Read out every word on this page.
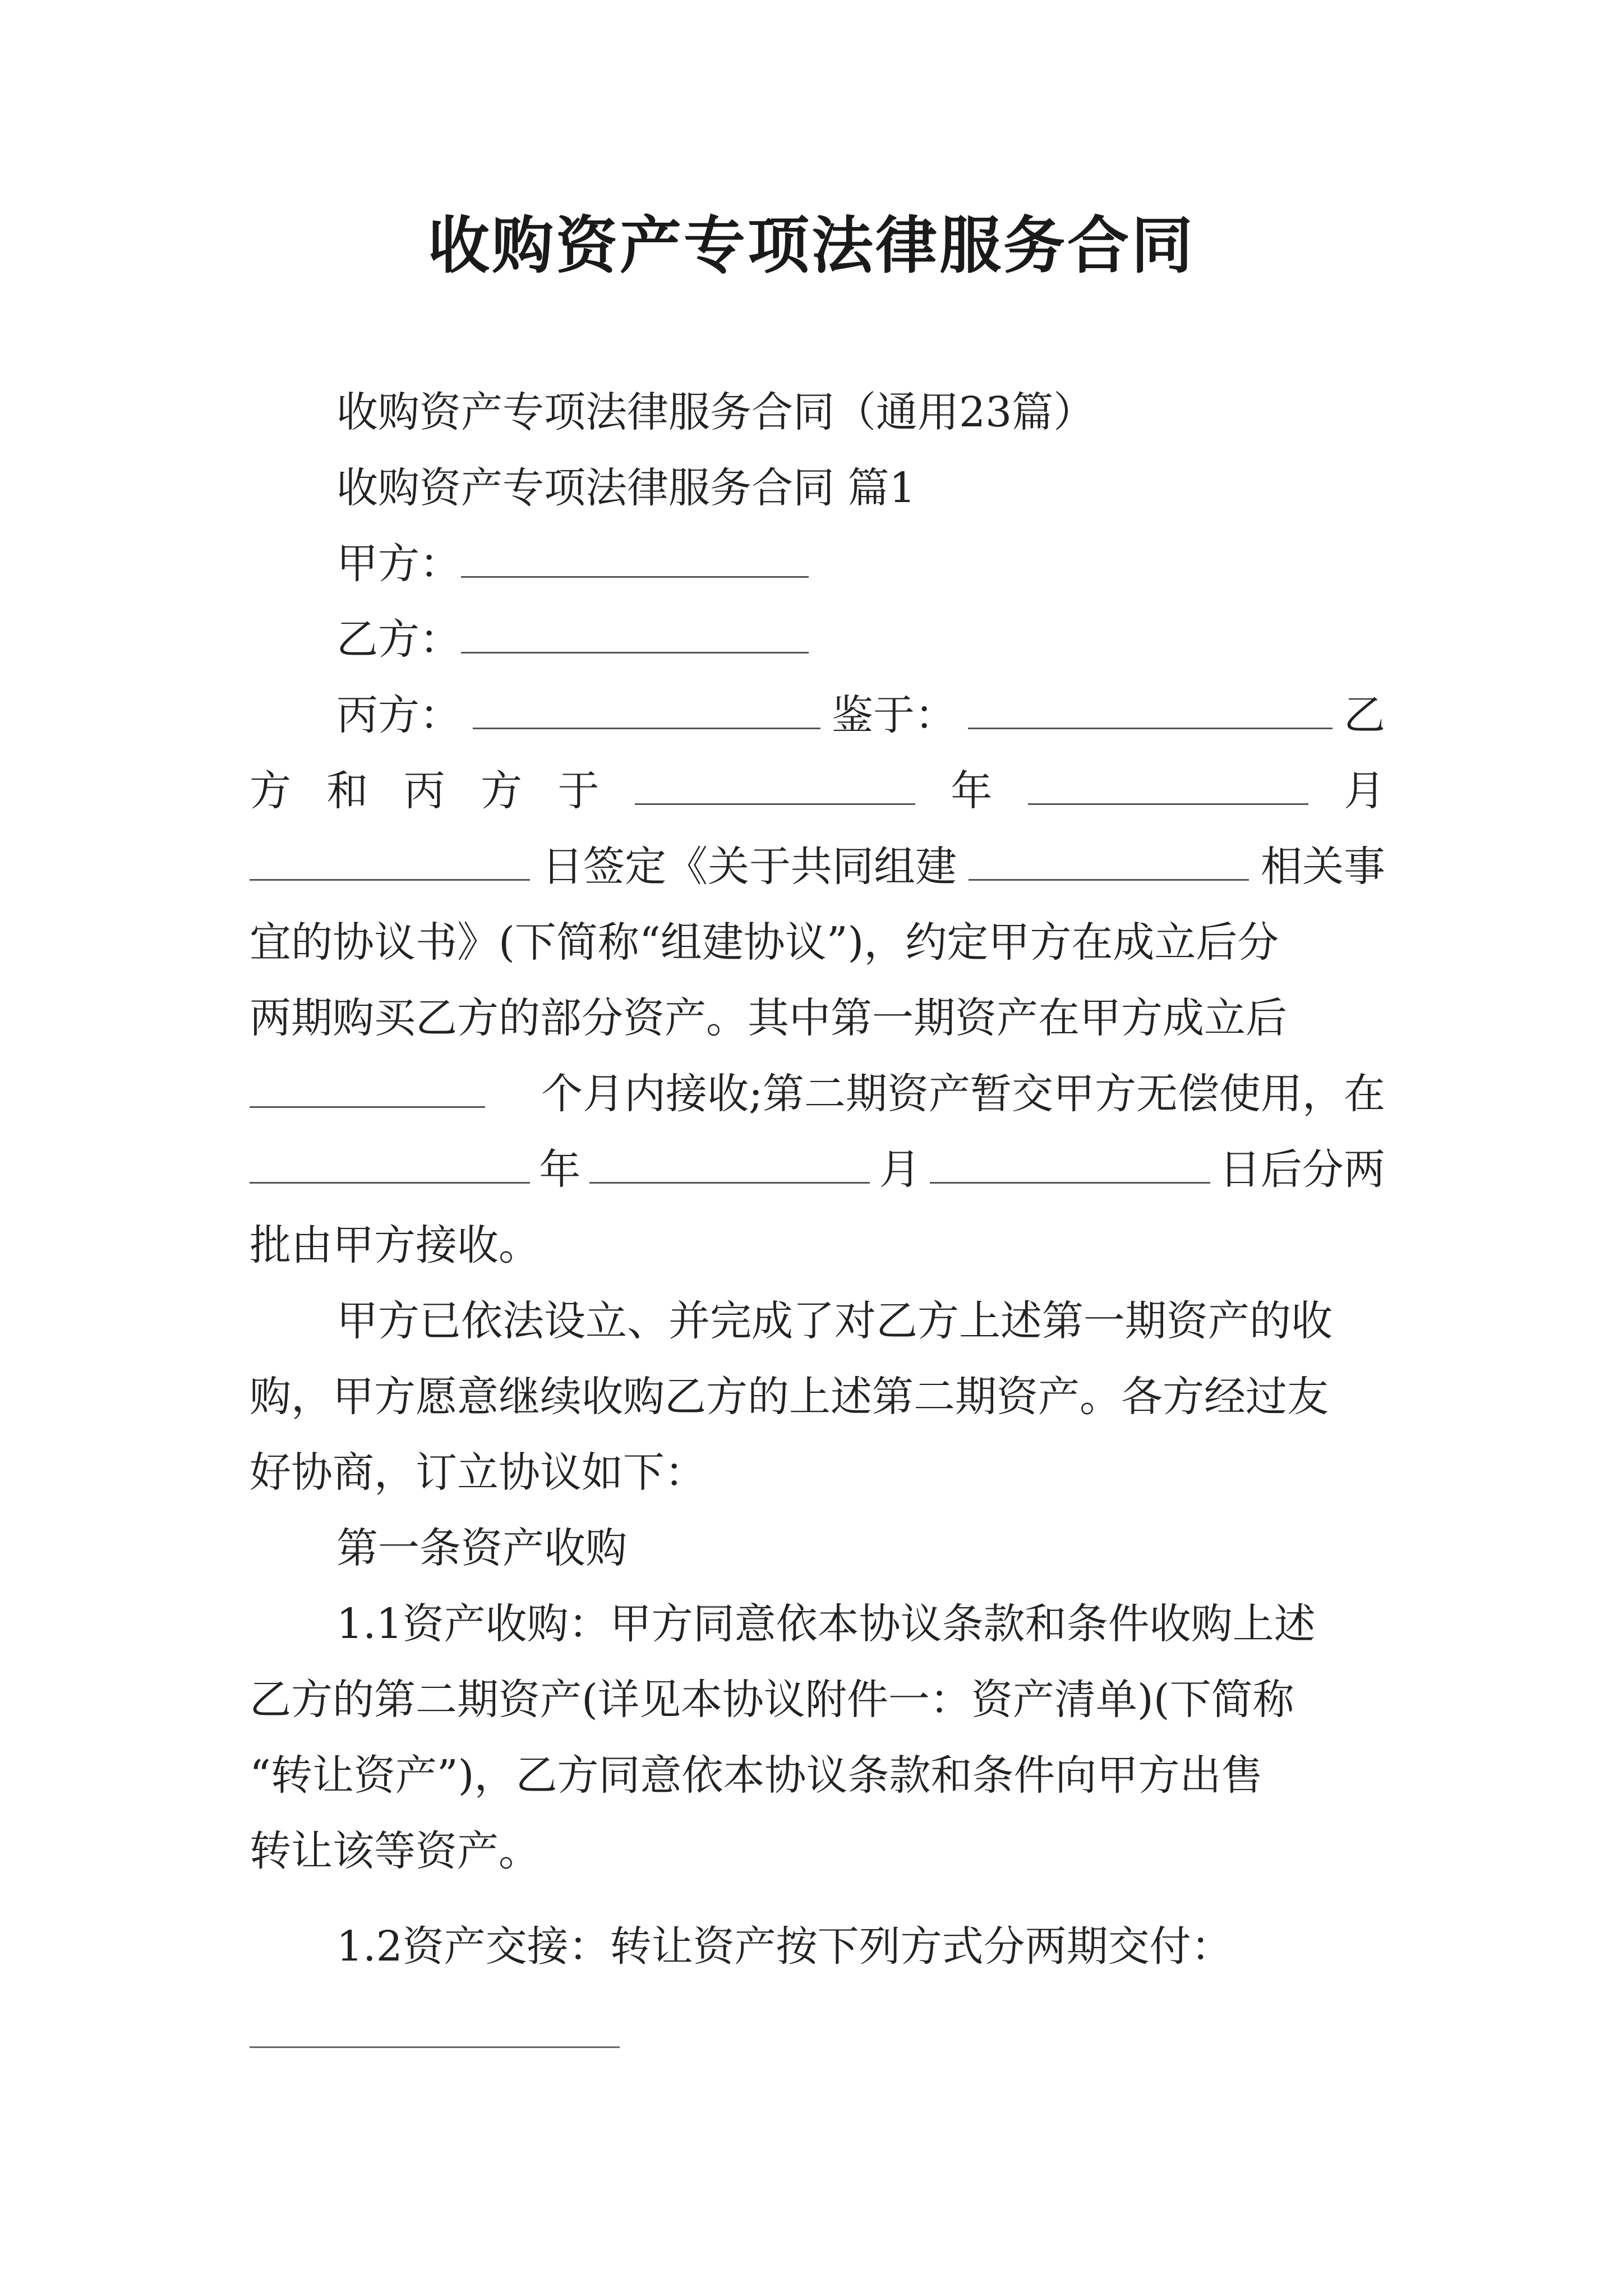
收购资产专项法律服务合同
收购资产专项法律服务合同（通用23篇）
收购资产专项法律服务合同 篇1
甲方：
乙方：
丙方：	鉴于：	乙
方 和 丙 方 于	年	月
日签定《关于共同组建	相关事
宜的协议书》(下简称“组建协议”)，约定甲方在成立后分
两期购买乙方的部分资产。其中第一期资产在甲方成立后
个月内接收;第二期资产暂交甲方无偿使用，在
年	月	日后分两
批由甲方接收。
甲方已依法设立、并完成了对乙方上述第一期资产的收
购，甲方愿意继续收购乙方的上述第二期资产。各方经过友
好协商，订立协议如下：
第一条资产收购
1.1资产收购：甲方同意依本协议条款和条件收购上述
乙方的第二期资产(详见本协议附件一：资产清单)(下简称
“转让资产”)，乙方同意依本协议条款和条件向甲方出售
转让该等资产。
1.2资产交接：转让资产按下列方式分两期交付：
